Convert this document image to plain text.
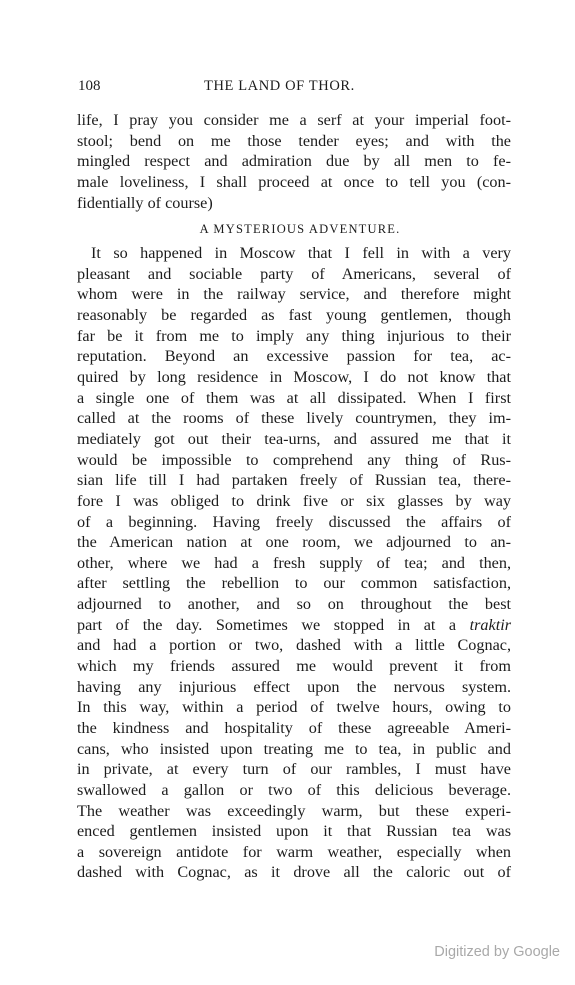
108	THE LAND OF THOR.
life, I pray you consider me a serf at your imperial foot-
stool; bend on me those tender eyes; and with the
mingled respect and admiration due by all men to fe-
male loveliness, I shall proceed at once to tell you (con-
fidentially of course)
A MYSTERIOUS ADVENTURE.
It so happened in Moscow that I fell in with a very
pleasant and sociable party of Americans, several of
whom were in the railway service, and therefore might
reasonably be regarded as fast young gentlemen, though
far be it from me to imply any thing injurious to their
reputation. Beyond an excessive passion for tea, ac-
quired by long residence in Moscow, I do not know that
a single one of them was at all dissipated. When I first
called at the rooms of these lively countrymen, they im-
mediately got out their tea-urns, and assured me that it
would be impossible to comprehend any thing of Rus-
sian life till I had partaken freely of Russian tea, there-
fore I was obliged to drink five or six glasses by way
of a beginning. Having freely discussed the affairs of
the American nation at one room, we adjourned to an-
other, where we had a fresh supply of tea; and then,
after settling the rebellion to our common satisfaction,
adjourned to another, and so on throughout the best
part of the day. Sometimes we stopped in at a traktir
and had a portion or two, dashed with a little Cognac,
which my friends assured me would prevent it from
having any injurious effect upon the nervous system.
In this way, within a period of twelve hours, owing to
the kindness and hospitality of these agreeable Ameri-
cans, who insisted upon treating me to tea, in public and
in private, at every turn of our rambles, I must have
swallowed a gallon or two of this delicious beverage.
The weather was exceedingly warm, but these experi-
enced gentlemen insisted upon it that Russian tea was
a sovereign antidote for warm weather, especially when
dashed with Cognac, as it drove all the caloric out of
Digitized by Google
